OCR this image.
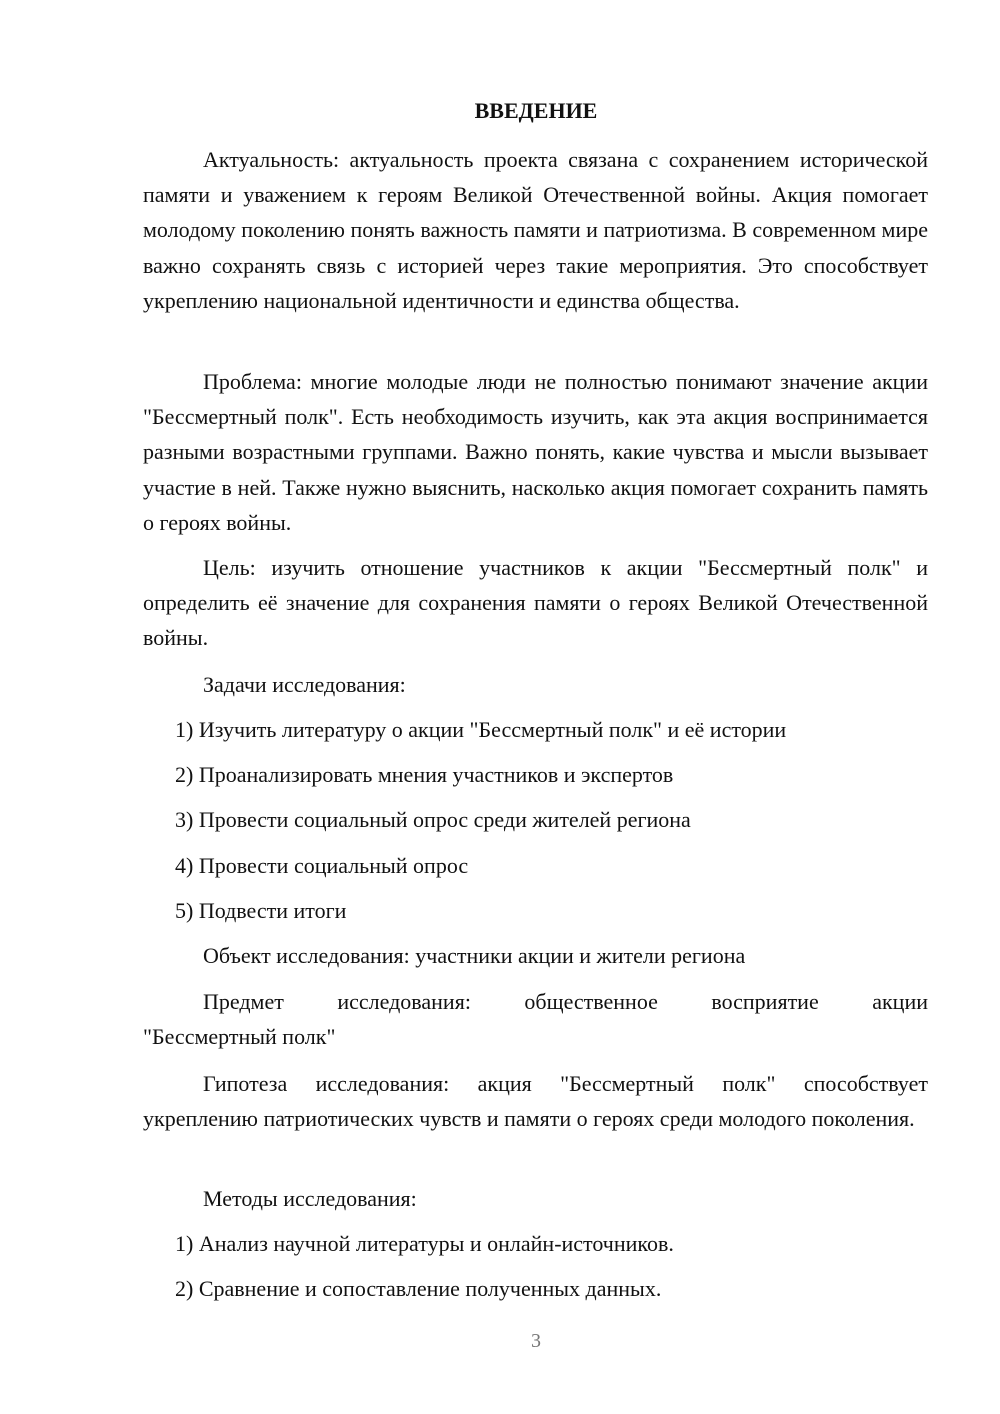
ВВЕДЕНИЕ

Актуальность: актуальность проекта связана с сохранением исторической памяти и уважением к героям Великой Отечественной войны. Акция помогает молодому поколению понять важность памяти и патриотизма. В современном мире важно сохранять связь с историей через такие мероприятия. Это способствует укреплению национальной идентичности и единства общества.

Проблема: многие молодые люди не полностью понимают значение акции "Бессмертный полк". Есть необходимость изучить, как эта акция воспринимается разными возрастными группами. Важно понять, какие чувства и мысли вызывает участие в ней. Также нужно выяснить, насколько акция помогает сохранить память о героях войны.

Цель: изучить отношение участников к акции "Бессмертный полк" и определить её значение для сохранения памяти о героях Великой Отечественной войны.

Задачи исследования:
1) Изучить литературу о акции "Бессмертный полк" и её истории
2) Проанализировать мнения участников и экспертов
3) Провести социальный опрос среди жителей региона
4) Провести социальный опрос
5) Подвести итоги
Объект исследования: участники акции и жители региона
Предмет исследования: общественное восприятие акции
"Бессмертный полк"

Гипотеза исследования: акция "Бессмертный полк" способствует укреплению патриотических чувств и памяти о героях среди молодого поколения.

Методы исследования:
1) Анализ научной литературы и онлайн-источников.
2) Сравнение и сопоставление полученных данных.
3
